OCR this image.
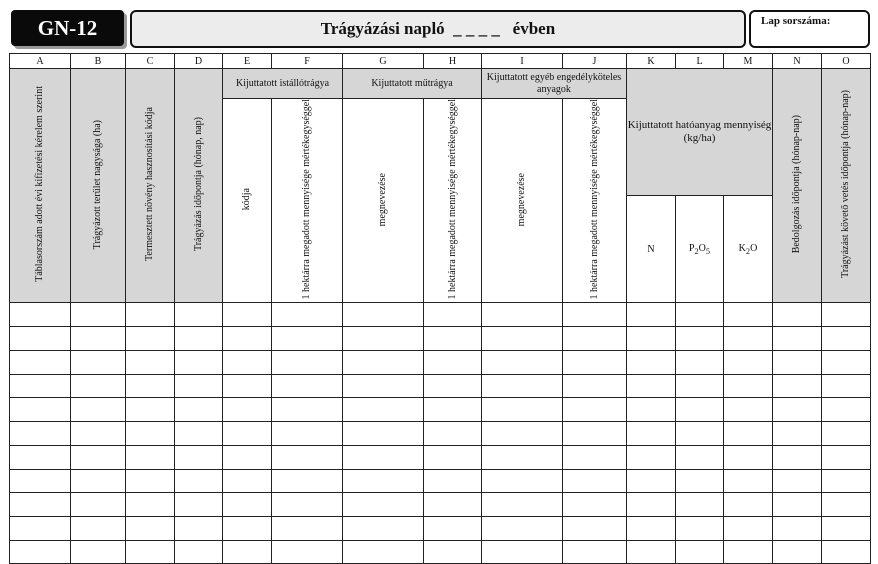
GN-12	Trágyázási napló  _ _ _ _   évben	Lap sorszáma:
A	B	C	D	E	F	G	H	I	J	K	L	M	N	O
Táblasorszám adott évi kifizetési kérelem szerint	Trágyázott terület nagysága (ha)	Termesztett növény hasznosítási kódja	Trágyázás időpontja (hónap, nap)	Kijuttatott istállótrágya		Kijuttatott műtrágya		Kijuttatott egyéb engedélyköteles anyagok		Kijuttatott hatóanyag mennyiség (kg/ha)			Bedolgozás időpontja (hónap-nap)	Trágyázást követő vetés időpontja (hónap-nap)
				kódja	1 hektárra megadott mennyisége mértékegységgel	megnevezése	1 hektárra megadott mennyisége mértékegységgel	megnevezése	1 hektárra megadott mennyisége mértékegységgel					
										N	$P_2O_5$	$K_2O$		
